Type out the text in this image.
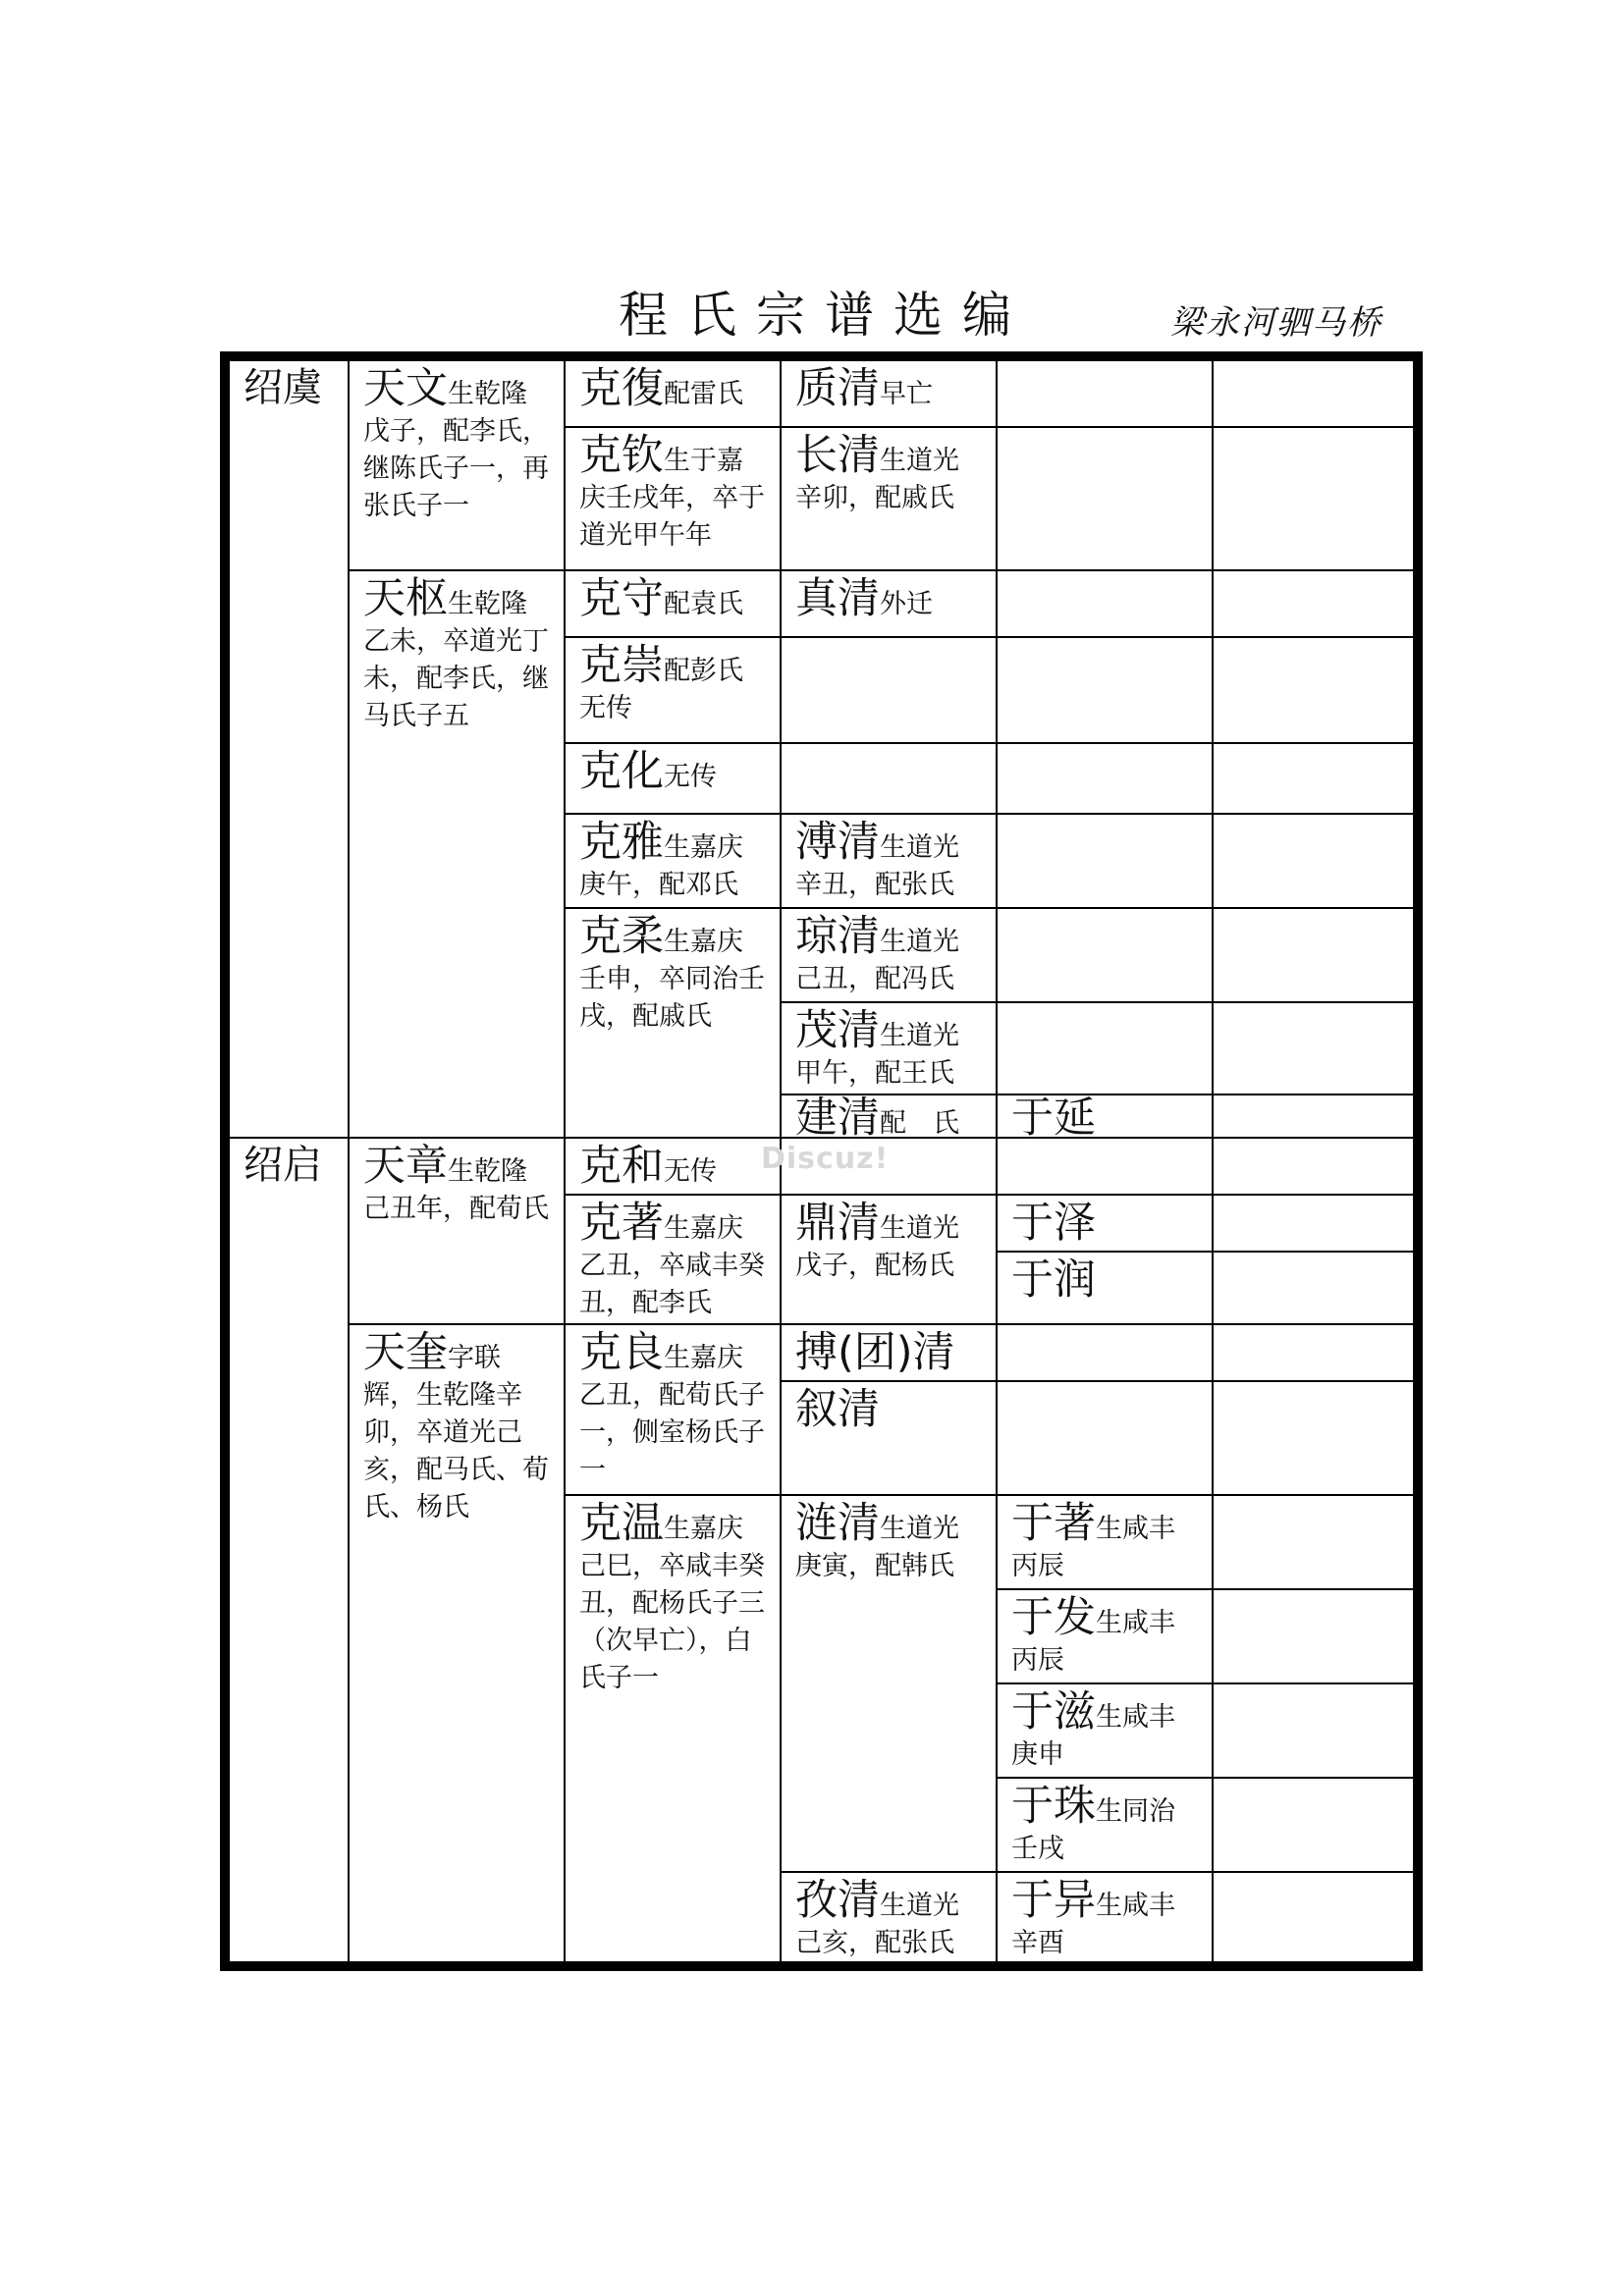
程氏宗谱选编	梁永河驷马桥
绍虞
绍启
天文生乾隆戊子，配李氏，继陈氏子一，再张氏子一
天枢生乾隆乙未，卒道光丁未，配李氏，继马氏子五
天章生乾隆己丑年，配荀氏
天奎字联辉，生乾隆辛卯，卒道光己亥，配马氏、荀氏、杨氏
克復配雷氏
克钦生于嘉庆壬戌年，卒于道光甲午年
克守配袁氏
克崇配彭氏无传
克化无传
克雅生嘉庆庚午，配邓氏
克柔生嘉庆壬申，卒同治壬戌，配戚氏
克和无传
克著生嘉庆乙丑，卒咸丰癸丑，配李氏
克良生嘉庆乙丑，配荀氏子一，侧室杨氏子一
克温生嘉庆己巳，卒咸丰癸丑，配杨氏子三（次早亡），白氏子一
质清早亡
长清生道光辛卯，配戚氏
真清外迁
溥清生道光辛丑，配张氏
琼清生道光己丑，配冯氏
茂清生道光甲午，配王氏
建清配　氏
鼎清生道光戊子，配杨氏
搏(团)清
叙清
涟清生道光庚寅，配韩氏
孜清生道光己亥，配张氏
于延
于泽
于润
于著生咸丰丙辰
于发生咸丰丙辰
于滋生咸丰庚申
于珠生同治壬戌
于异生咸丰辛酉
Discuz!
